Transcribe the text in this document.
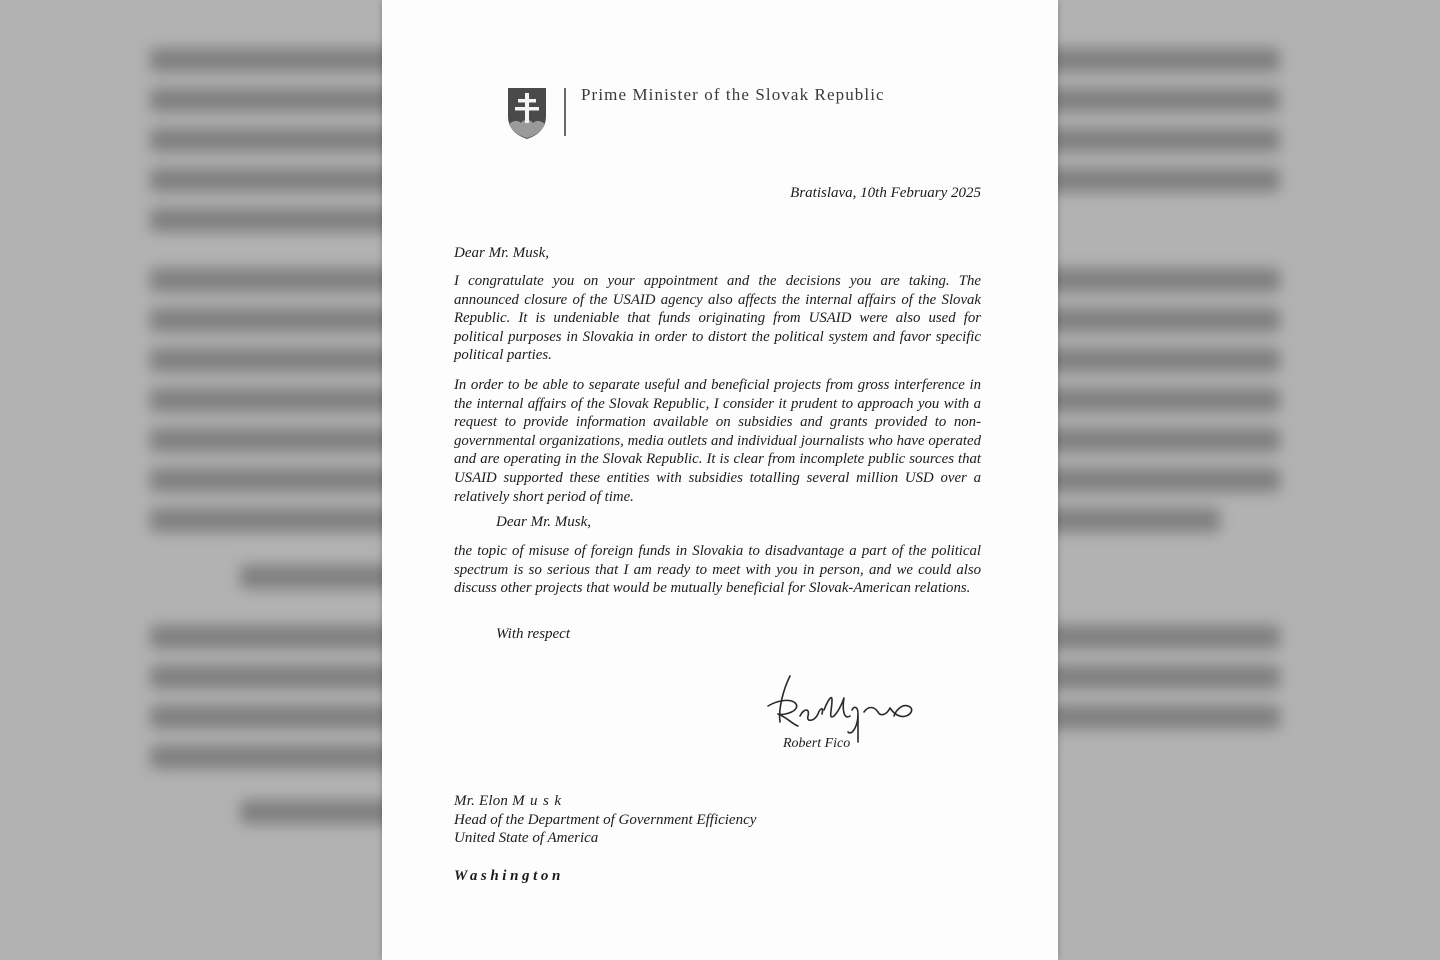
Prime Minister of the Slovak Republic
Bratislava, 10th February 2025
Dear Mr. Musk,

I congratulate you on your appointment and the decisions you are taking. The announced closure of the USAID agency also affects the internal affairs of the Slovak Republic. It is undeniable that funds originating from USAID were also used for political purposes in Slovakia in order to distort the political system and favor specific political parties.

In order to be able to separate useful and beneficial projects from gross interference in the internal affairs of the Slovak Republic, I consider it prudent to approach you with a request to provide information available on subsidies and grants provided to non-governmental organizations, media outlets and individual journalists who have operated and are operating in the Slovak Republic. It is clear from incomplete public sources that USAID supported these entities with subsidies totalling several million USD over a relatively short period of time.

Dear Mr. Musk,

the topic of misuse of foreign funds in Slovakia to disadvantage a part of the political spectrum is so serious that I am ready to meet with you in person, and we could also discuss other projects that would be mutually beneficial for Slovak-American relations.

With respect
Robert Fico
Mr. Elon Musk
Head of the Department of Government Efficiency
United State of America
Washington
